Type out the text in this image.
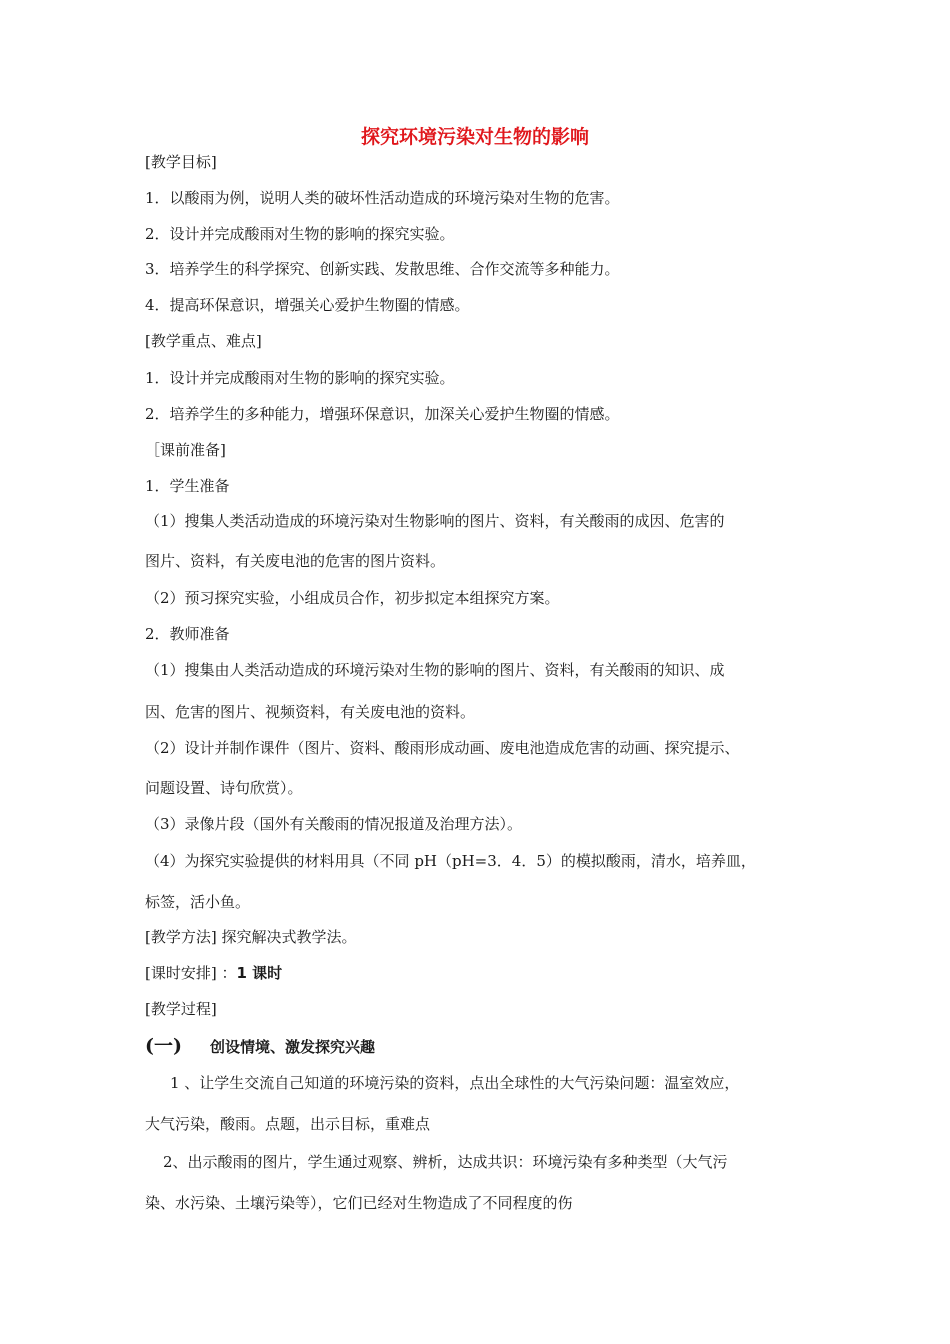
探究环境污染对生物的影响
[教学目标]
1．以酸雨为例，说明人类的破坏性活动造成的环境污染对生物的危害。
2．设计并完成酸雨对生物的影响的探究实验。
3．培养学生的科学探究、创新实践、发散思维、合作交流等多种能力。
4．提高环保意识，增强关心爱护生物圈的情感。
[教学重点、难点]
1．设计并完成酸雨对生物的影响的探究实验。
2．培养学生的多种能力，增强环保意识，加深关心爱护生物圈的情感。
［课前准备]
1．学生准备
（1）搜集人类活动造成的环境污染对生物影响的图片、资料，有关酸雨的成因、危害的
图片、资料，有关废电池的危害的图片资料。
（2）预习探究实验，小组成员合作，初步拟定本组探究方案。
2．教师准备
（1）搜集由人类活动造成的环境污染对生物的影响的图片、资料，有关酸雨的知识、成
因、危害的图片、视频资料，有关废电池的资料。
（2）设计并制作课件（图片、资料、酸雨形成动画、废电池造成危害的动画、探究提示、
问题设置、诗句欣赏）。
（3）录像片段（国外有关酸雨的情况报道及治理方法）。
（4）为探究实验提供的材料用具（不同 pH（pH=3．4．5）的模拟酸雨，清水，培养皿，
标签，活小鱼。
[教学方法] 探究解决式教学法。
[课时安排] ：1 课时
[教学过程]
(一) 创设情境、激发探究兴趣
1 、让学生交流自己知道的环境污染的资料，点出全球性的大气污染问题：温室效应，
大气污染，酸雨。点题，出示目标，重难点
2、出示酸雨的图片，学生通过观察、辨析，达成共识：环境污染有多种类型（大气污
染、水污染、土壤污染等），它们已经对生物造成了不同程度的伤
